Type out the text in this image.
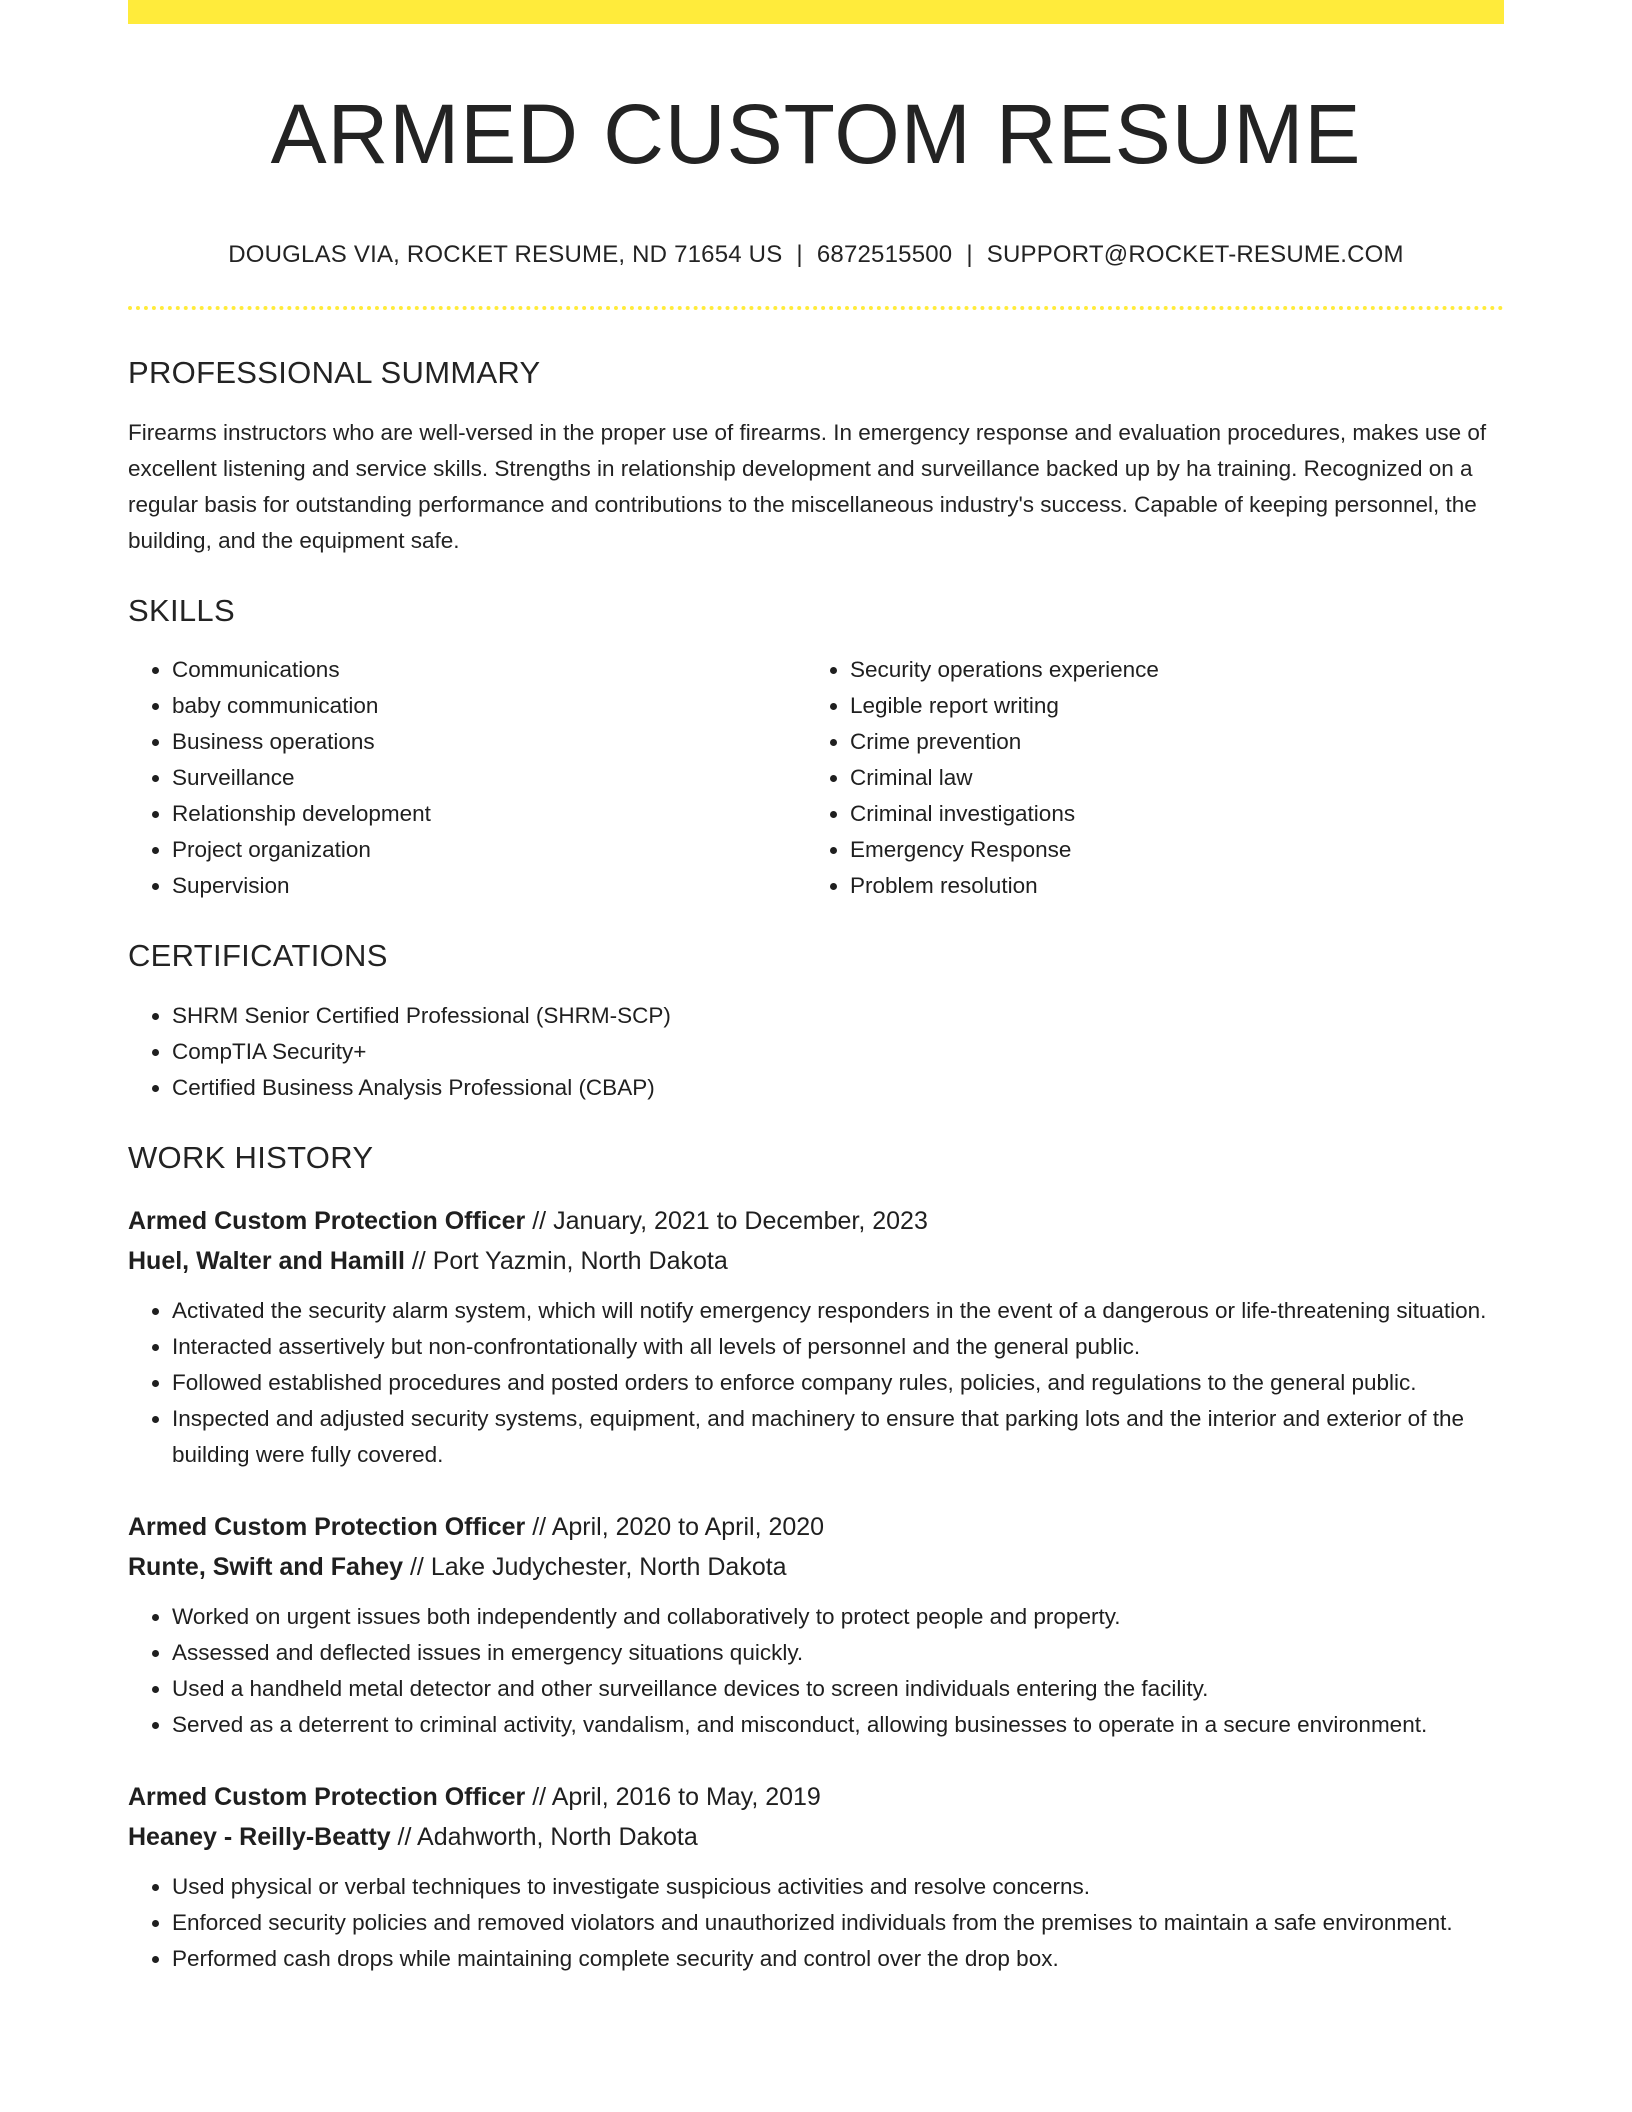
ARMED CUSTOM RESUME
DOUGLAS VIA, ROCKET RESUME, ND 71654 US | 6872515500 | SUPPORT@ROCKET-RESUME.COM
PROFESSIONAL SUMMARY

Firearms instructors who are well-versed in the proper use of firearms. In emergency response and evaluation procedures, makes use of excellent listening and service skills. Strengths in relationship development and surveillance backed up by ha training. Recognized on a regular basis for outstanding performance and contributions to the miscellaneous industry's success. Capable of keeping personnel, the building, and the equipment safe.

SKILLS
• Communications
• baby communication
• Business operations
• Surveillance
• Relationship development
• Project organization
• Supervision
• Security operations experience
• Legible report writing
• Crime prevention
• Criminal law
• Criminal investigations
• Emergency Response
• Problem resolution
CERTIFICATIONS
• SHRM Senior Certified Professional (SHRM-SCP)
• CompTIA Security+
• Certified Business Analysis Professional (CBAP)
WORK HISTORY
Armed Custom Protection Officer // January, 2021 to December, 2023
Huel, Walter and Hamill // Port Yazmin, North Dakota
• Activated the security alarm system, which will notify emergency responders in the event of a dangerous or life-threatening situation.
• Interacted assertively but non-confrontationally with all levels of personnel and the general public.
• Followed established procedures and posted orders to enforce company rules, policies, and regulations to the general public.
• Inspected and adjusted security systems, equipment, and machinery to ensure that parking lots and the interior and exterior of the building were fully covered.
Armed Custom Protection Officer // April, 2020 to April, 2020
Runte, Swift and Fahey // Lake Judychester, North Dakota
• Worked on urgent issues both independently and collaboratively to protect people and property.
• Assessed and deflected issues in emergency situations quickly.
• Used a handheld metal detector and other surveillance devices to screen individuals entering the facility.
• Served as a deterrent to criminal activity, vandalism, and misconduct, allowing businesses to operate in a secure environment.
Armed Custom Protection Officer // April, 2016 to May, 2019
Heaney - Reilly-Beatty // Adahworth, North Dakota
• Used physical or verbal techniques to investigate suspicious activities and resolve concerns.
• Enforced security policies and removed violators and unauthorized individuals from the premises to maintain a safe environment.
• Performed cash drops while maintaining complete security and control over the drop box.
